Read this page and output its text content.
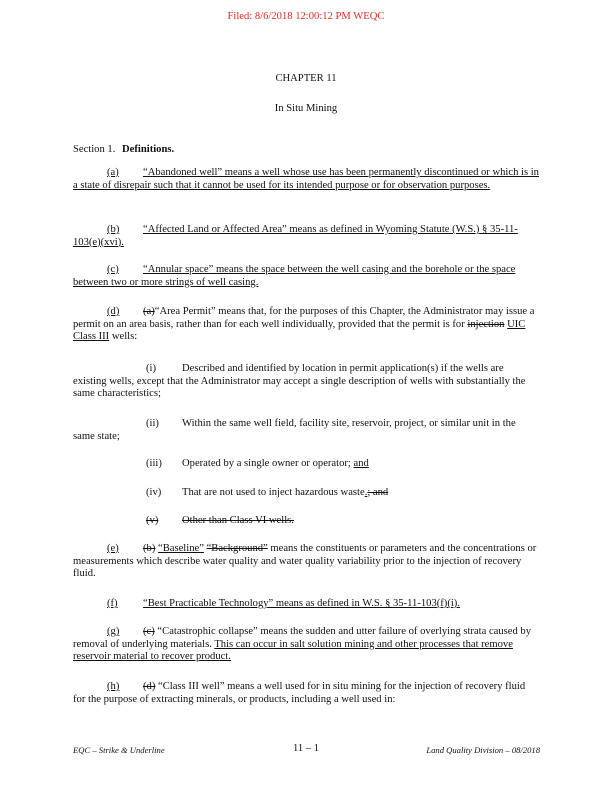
Filed: 8/6/2018 12:00:12 PM WEQC
CHAPTER 11
In Situ Mining
Section 1. Definitions.
(a) “Abandoned well” means a well whose use has been permanently discontinued or which is in a state of disrepair such that it cannot be used for its intended purpose or for observation purposes.
(b) “Affected Land or Affected Area” means as defined in Wyoming Statute (W.S.) § 35-11-103(e)(xvi).
(c) “Annular space” means the space between the well casing and the borehole or the space between two or more strings of well casing.
(d) (a)“Area Permit” means that, for the purposes of this Chapter, the Administrator may issue a permit on an area basis, rather than for each well individually, provided that the permit is for injection UIC Class III wells:
(i) Described and identified by location in permit application(s) if the wells are existing wells, except that the Administrator may accept a single description of wells with substantially the same characteristics;
(ii) Within the same well field, facility site, reservoir, project, or similar unit in the same state;
(iii) Operated by a single owner or operator; and
(iv) That are not used to inject hazardous waste.; and
(v) Other than Class VI wells.
(e) (b) “Baseline” “Background” means the constituents or parameters and the concentrations or measurements which describe water quality and water quality variability prior to the injection of recovery fluid.
(f) “Best Practicable Technology” means as defined in W.S. § 35-11-103(f)(i).
(g) (c) “Catastrophic collapse” means the sudden and utter failure of overlying strata caused by removal of underlying materials. This can occur in salt solution mining and other processes that remove reservoir material to recover product.
(h) (d) “Class III well” means a well used for in situ mining for the injection of recovery fluid for the purpose of extracting minerals, or products, including a well used in:
EQC – Strike & Underline	11 – 1	Land Quality Division – 08/2018
